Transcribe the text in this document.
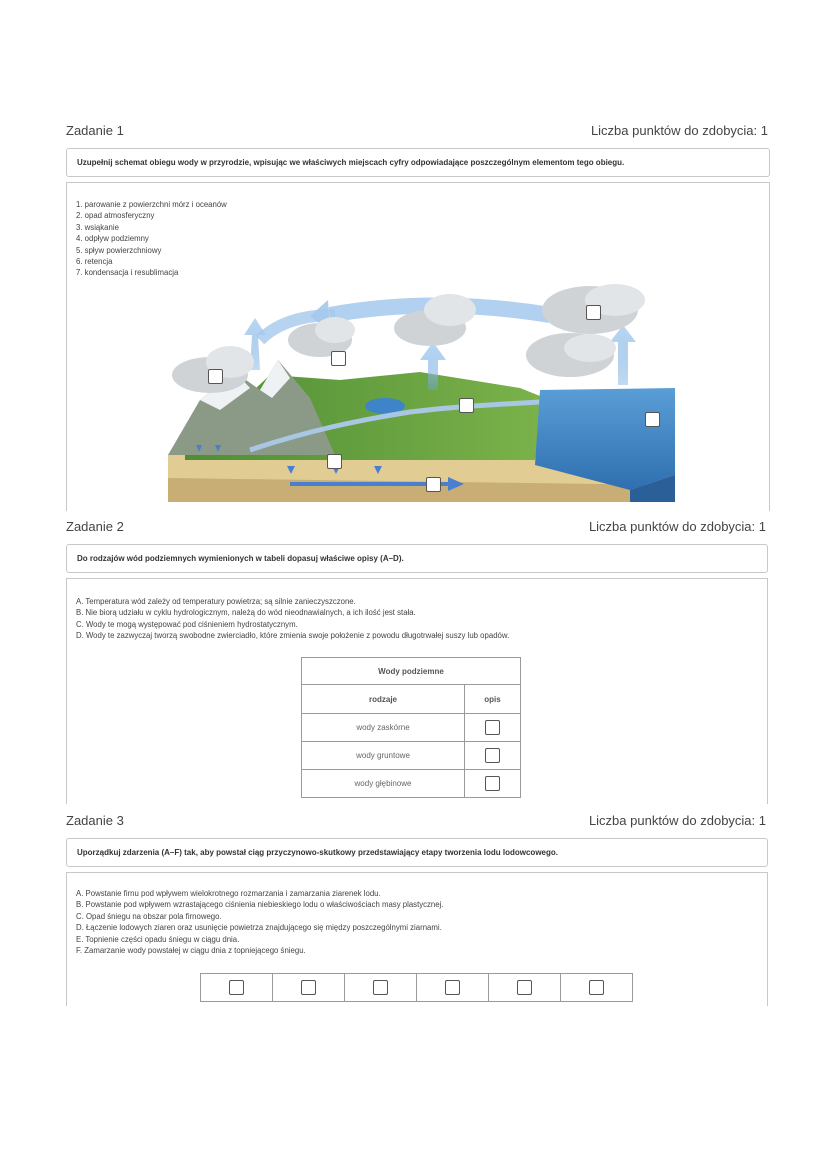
Zadanie 1	Liczba punktów do zdobycia: 1
Uzupełnij schemat obiegu wody w przyrodzie, wpisując we właściwych miejscach cyfry odpowiadające poszczególnym elementom tego obiegu.
1. parowanie z powierzchni mórz i oceanów
2. opad atmosferyczny
3. wsiąkanie
4. odpływ podziemny
5. spływ powierzchniowy
6. retencja
7. kondensacja i resublimacja
Zadanie 2	Liczba punktów do zdobycia: 1
Do rodzajów wód podziemnych wymienionych w tabeli dopasuj właściwe opisy (A–D).
A. Temperatura wód zależy od temperatury powietrza; są silnie zanieczyszczone.
B. Nie biorą udziału w cyklu hydrologicznym, należą do wód nieodnawialnych, a ich ilość jest stała.
C. Wody te mogą występować pod ciśnieniem hydrostatycznym.
D. Wody te zazwyczaj tworzą swobodne zwierciadło, które zmienia swoje położenie z powodu długotrwałej suszy lub opadów.
Wody podziemne	
rodzaje	opis
wody zaskórne	
wody gruntowe	
wody głębinowe	
Zadanie 3	Liczba punktów do zdobycia: 1
Uporządkuj zdarzenia (A–F) tak, aby powstał ciąg przyczynowo-skutkowy przedstawiający etapy tworzenia lodu lodowcowego.
A. Powstanie firnu pod wpływem wielokrotnego rozmarzania i zamarzania ziarenek lodu.
B. Powstanie pod wpływem wzrastającego ciśnienia niebieskiego lodu o właściwościach masy plastycznej.
C. Opad śniegu na obszar pola firnowego.
D. Łączenie lodowych ziaren oraz usunięcie powietrza znajdującego się między poszczególnymi ziarnami.
E. Topnienie części opadu śniegu w ciągu dnia.
F. Zamarzanie wody powstałej w ciągu dnia z topniejącego śniegu.
